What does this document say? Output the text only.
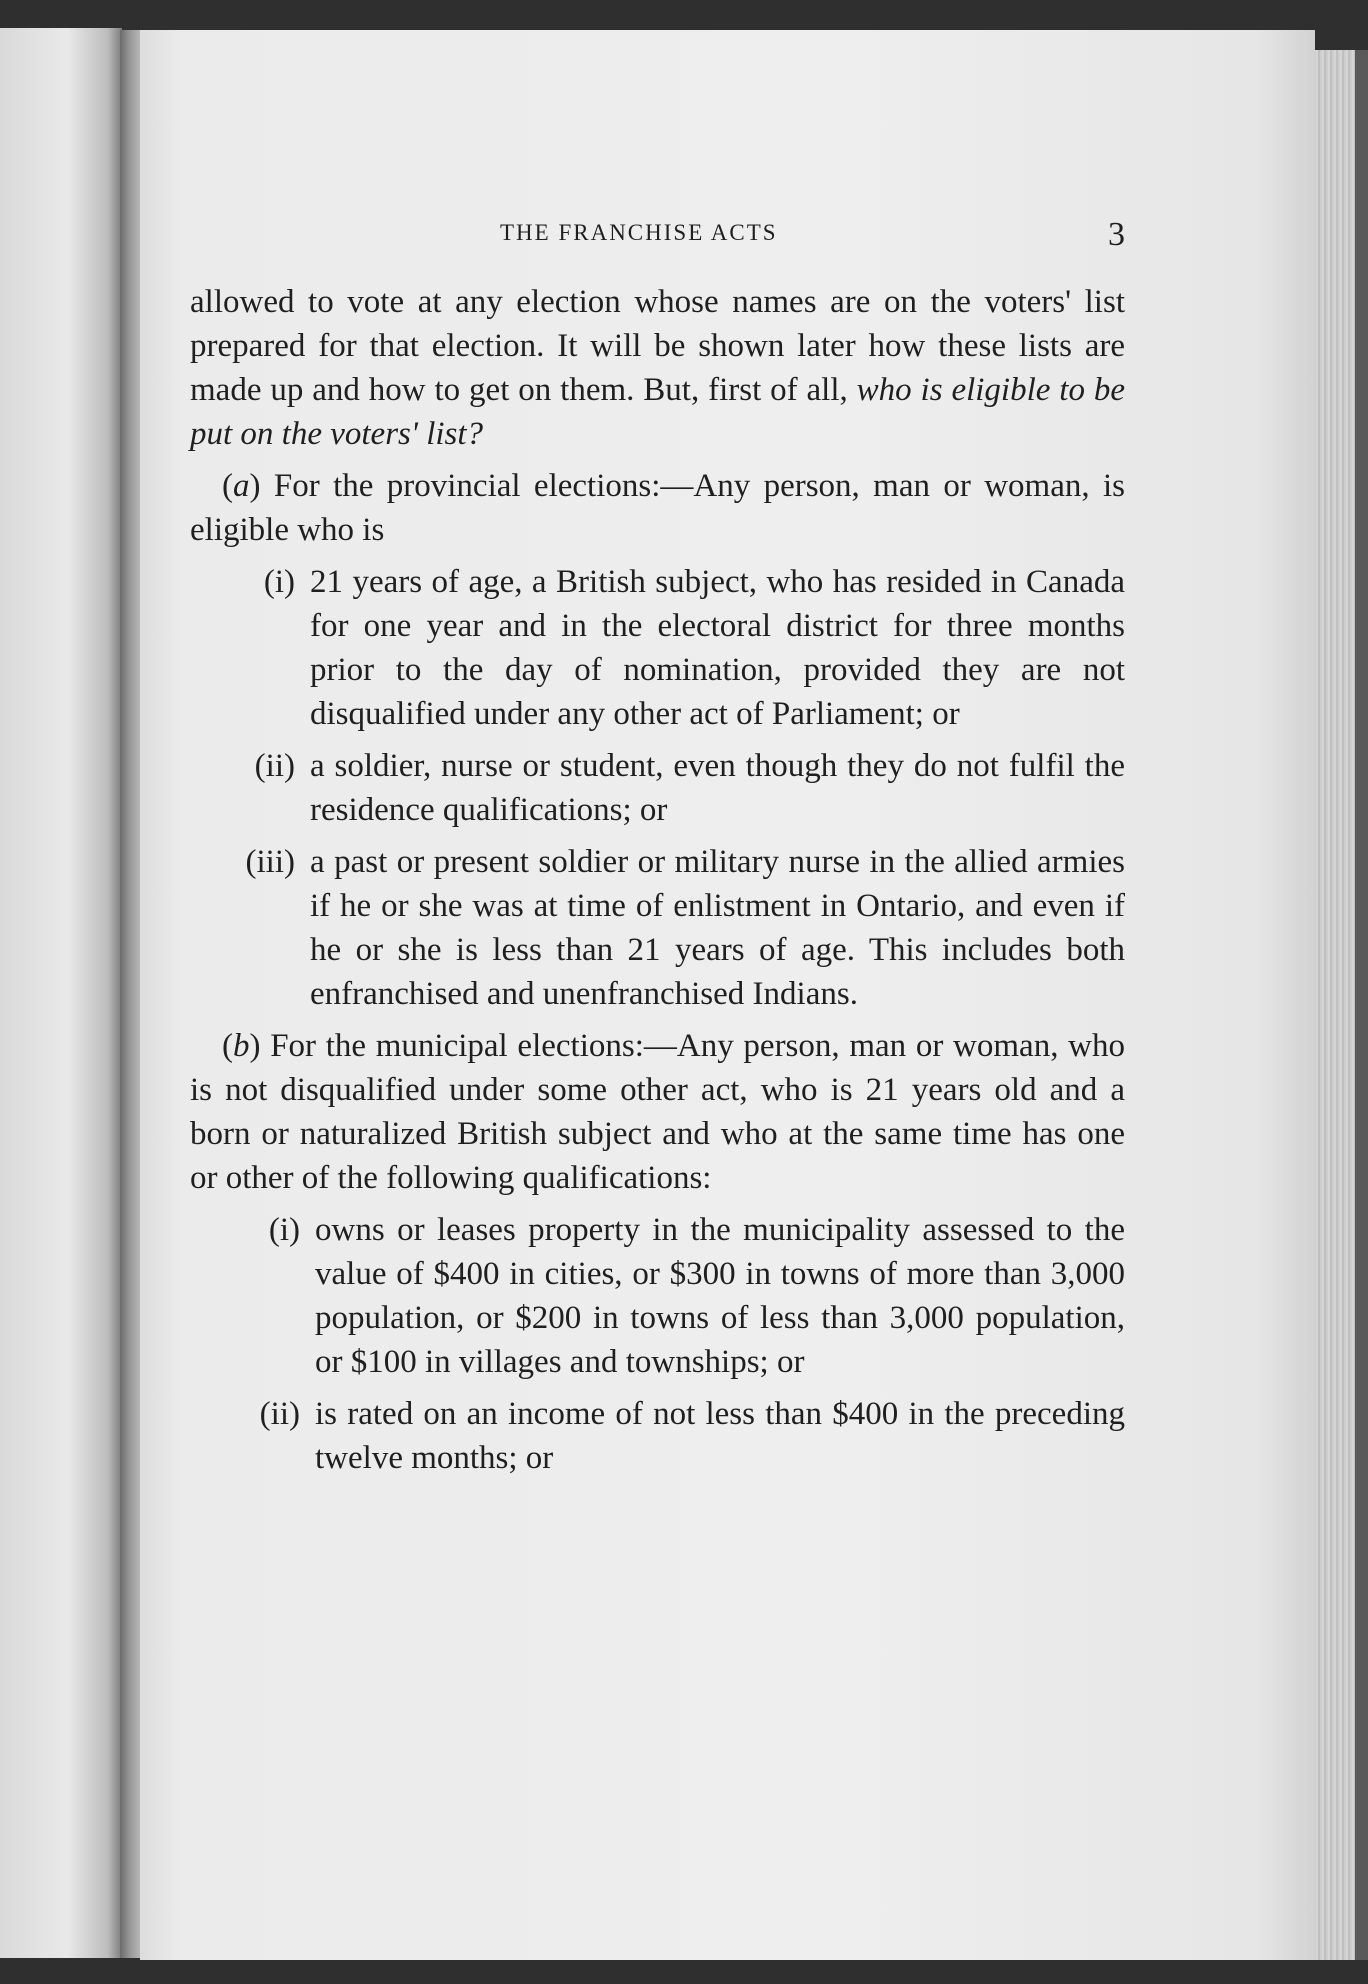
THE FRANCHISE ACTS	3

allowed to vote at any election whose names are on the voters' list prepared for that election. It will be shown later how these lists are made up and how to get on them. But, first of all, who is eligible to be put on the voters' list?

(a) For the provincial elections:—Any person, man or woman, is eligible who is

(i) 21 years of age, a British subject, who has resided in Canada for one year and in the electoral district for three months prior to the day of nomination, provided they are not disqualified under any other act of Parliament; or

(ii) a soldier, nurse or student, even though they do not fulfil the residence qualifications; or

(iii) a past or present soldier or military nurse in the allied armies if he or she was at time of enlistment in Ontario, and even if he or she is less than 21 years of age. This includes both enfranchised and unenfranchised Indians.

(b) For the municipal elections:—Any person, man or woman, who is not disqualified under some other act, who is 21 years old and a born or naturalized British subject and who at the same time has one or other of the following qualifications:

(i) owns or leases property in the municipality assessed to the value of $400 in cities, or $300 in towns of more than 3,000 population, or $200 in towns of less than 3,000 population, or $100 in villages and townships; or

(ii) is rated on an income of not less than $400 in the preceding twelve months; or
